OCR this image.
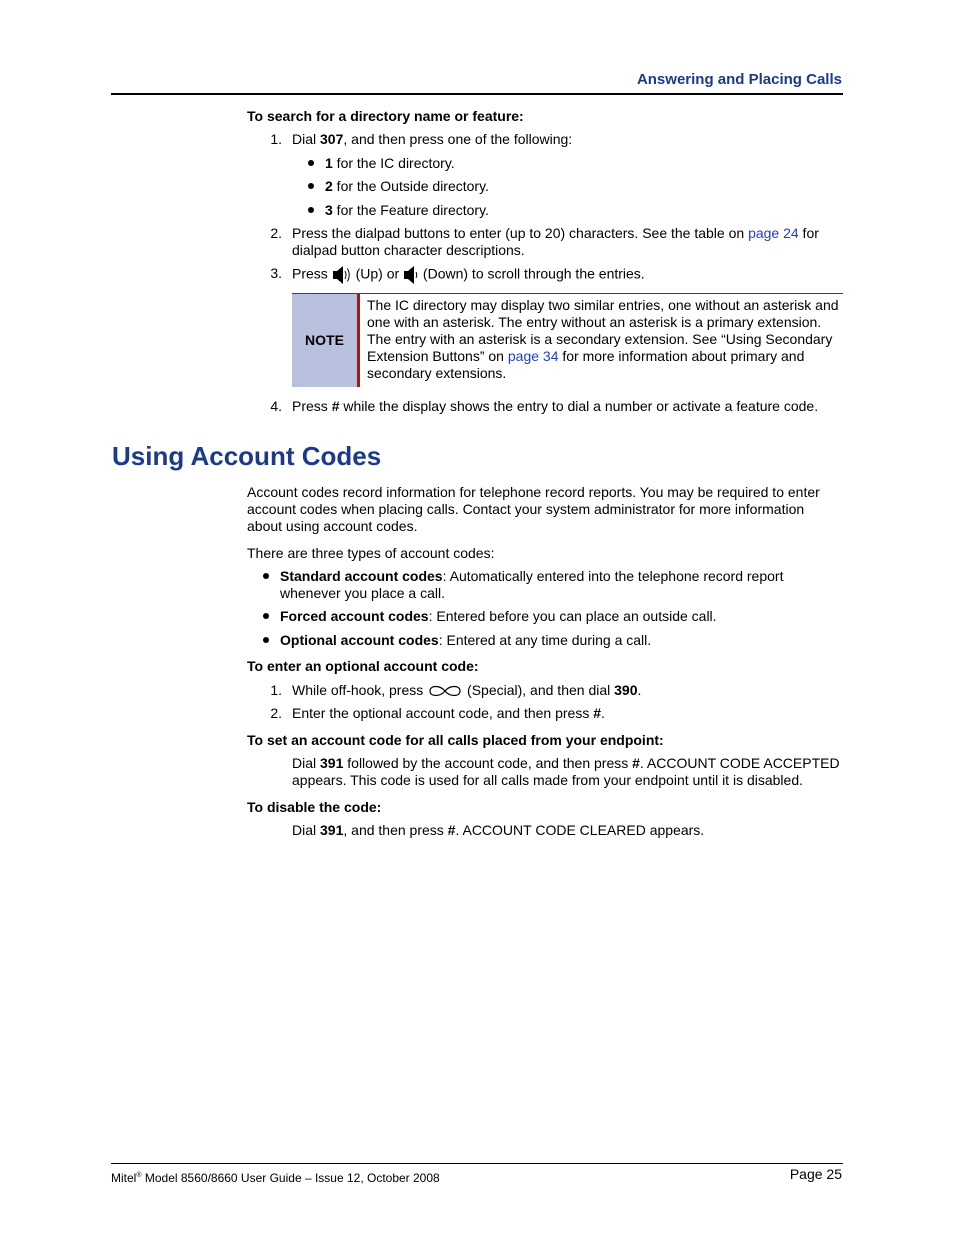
Answering and Placing Calls
To search for a directory name or feature:
1. Dial 307, and then press one of the following:
1 for the IC directory.
2 for the Outside directory.
3 for the Feature directory.
2. Press the dialpad buttons to enter (up to 20) characters. See the table on page 24 for
dialpad button character descriptions.
3. Press  (Up) or  (Down) to scroll through the entries.
NOTE
The IC directory may display two similar entries, one without an asterisk and
one with an asterisk. The entry without an asterisk is a primary extension.
The entry with an asterisk is a secondary extension. See “Using Secondary
Extension Buttons” on page 34 for more information about primary and
secondary extensions.
4. Press # while the display shows the entry to dial a number or activate a feature code.
Using Account Codes
Account codes record information for telephone record reports. You may be required to enter
account codes when placing calls. Contact your system administrator for more information
about using account codes.
There are three types of account codes:
Standard account codes: Automatically entered into the telephone record report
whenever you place a call.
Forced account codes: Entered before you can place an outside call.
Optional account codes: Entered at any time during a call.
To enter an optional account code:
1. While off-hook, press	(Special), and then dial 390.
2. Enter the optional account code, and then press #.
To set an account code for all calls placed from your endpoint:
Dial 391 followed by the account code, and then press #. ACCOUNT CODE ACCEPTED
appears. This code is used for all calls made from your endpoint until it is disabled.
To disable the code:
Dial 391, and then press #. ACCOUNT CODE CLEARED appears.
Mitel® Model 8560/8660 User Guide – Issue 12, October 2008	Page 25
